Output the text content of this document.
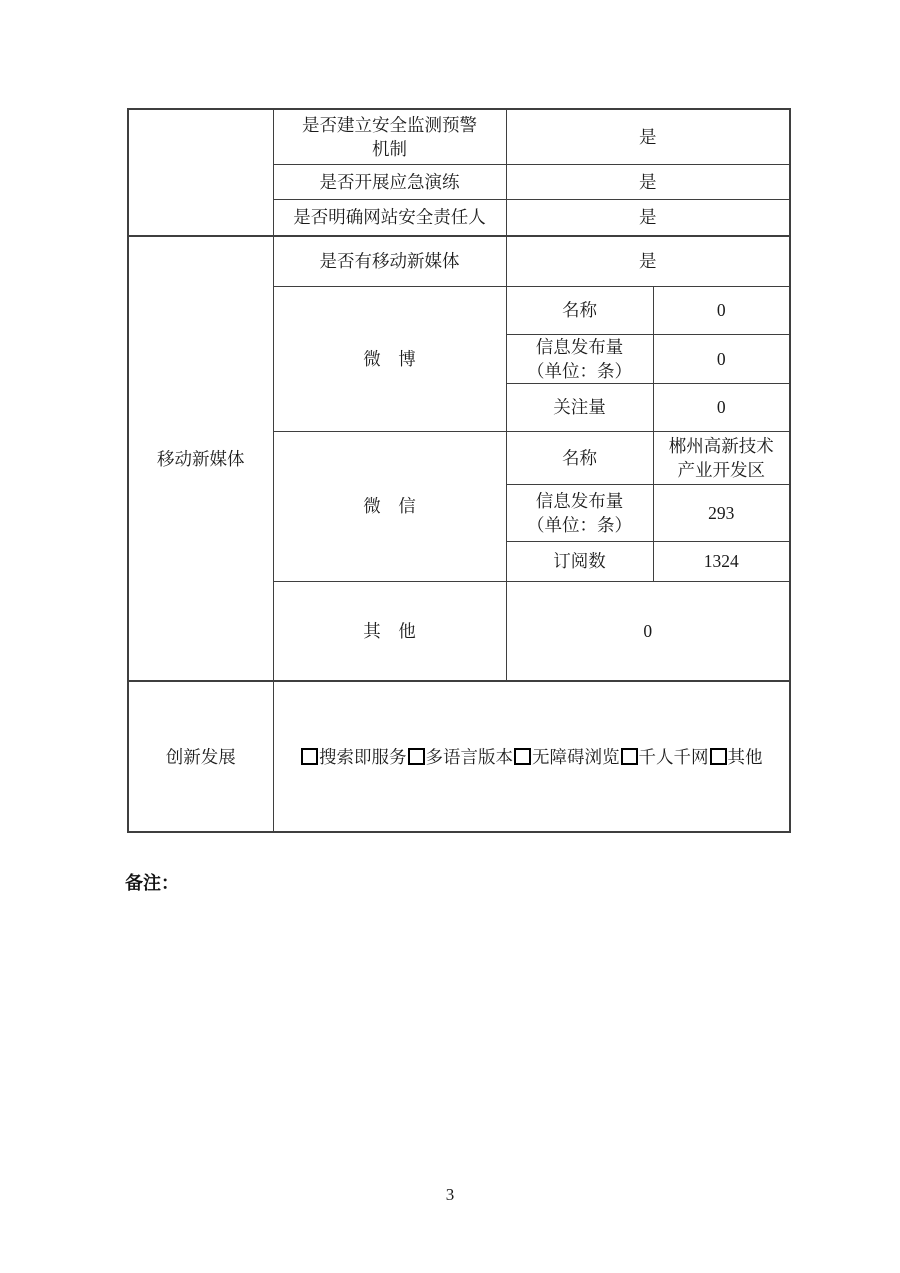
	是否建立安全监测预警
机制	是	
	是否开展应急演练	是	
	是否明确网站安全责任人	是	
移动新媒体	是否有移动新媒体	是	
	微　博	名称	0

		信息发布量
（单位：条）	0
		关注量	0
	微　信	名称	郴州高新技术
产业开发区

		信息发布量
（单位：条）	293
		订阅数	1324
	其　他	0	
创新发展	搜索即服务 多语言版本 无障碍浏览 千人千网 其他		
备注：
3
